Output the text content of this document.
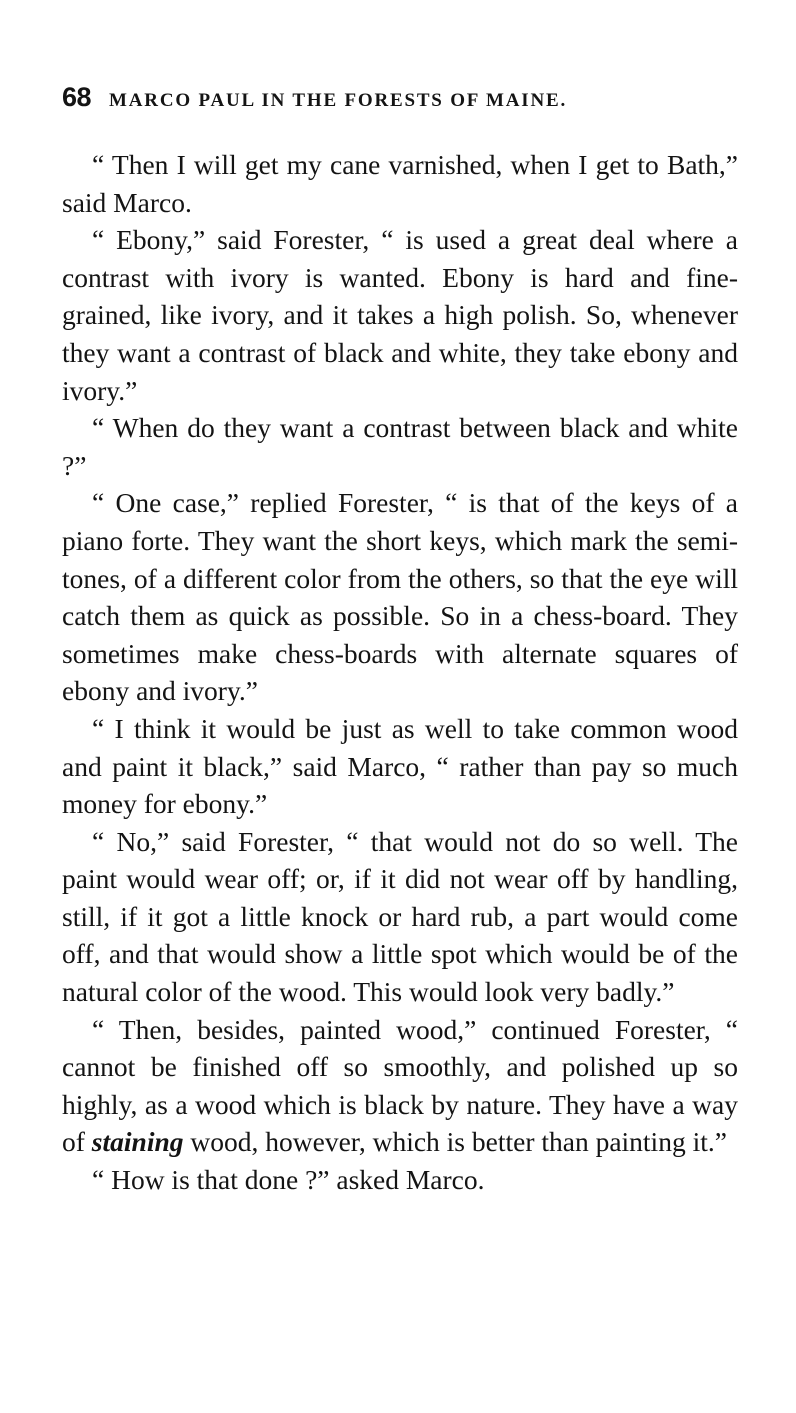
68 MARCO PAUL IN THE FORESTS OF MAINE.

“ Then I will get my cane varnished, when I get to Bath,” said Marco.

“ Ebony,” said Forester, “ is used a great deal where a contrast with ivory is wanted. Ebony is hard and fine-grained, like ivory, and it takes a high polish. So, whenever they want a contrast of black and white, they take ebony and ivory.”

“ When do they want a contrast between black and white ?”

“ One case,” replied Forester, “ is that of the keys of a piano forte. They want the short keys, which mark the semi-tones, of a different color from the others, so that the eye will catch them as quick as possible. So in a chess-board. They sometimes make chess-boards with alternate squares of ebony and ivory.”

“ I think it would be just as well to take common wood and paint it black,” said Marco, “ rather than pay so much money for ebony.”

“ No,” said Forester, “ that would not do so well. The paint would wear off; or, if it did not wear off by handling, still, if it got a little knock or hard rub, a part would come off, and that would show a little spot which would be of the natural color of the wood. This would look very badly.”

“ Then, besides, painted wood,” continued Forester, “ cannot be finished off so smoothly, and polished up so highly, as a wood which is black by nature. They have a way of staining wood, however, which is better than painting it.”

“ How is that done ?” asked Marco.
